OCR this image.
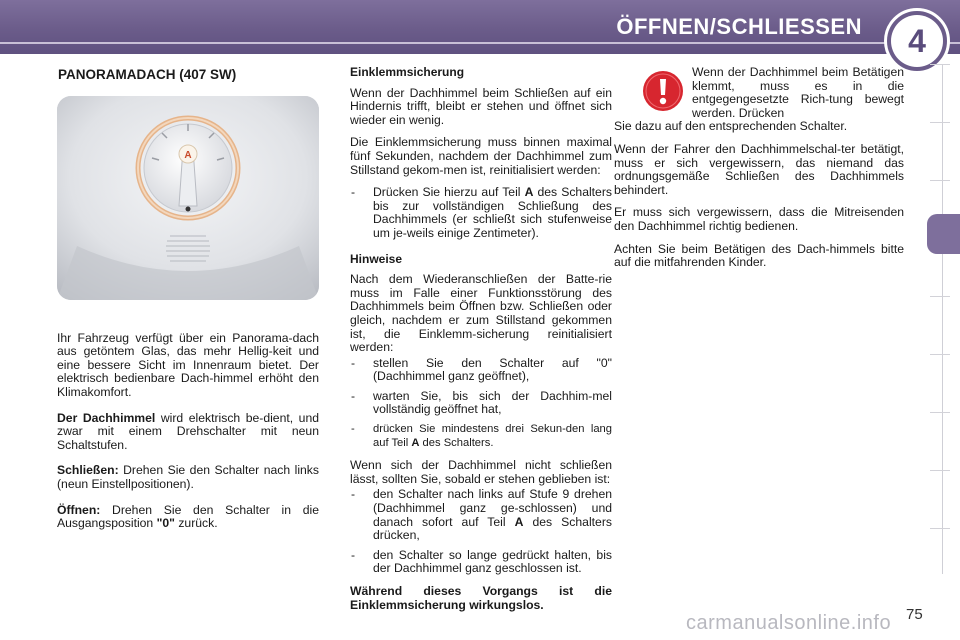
ÖFFNEN/SCHLIESSEN	4
PANORAMADACH (407 SW)
A

Ihr Fahrzeug verfügt über ein Panorama-dach aus getöntem Glas, das mehr Hellig-keit und eine bessere Sicht im Innenraum bietet. Der elektrisch bedienbare Dach-himmel erhöht den Klimakomfort.

Der Dachhimmel wird elektrisch be-dient, und zwar mit einem Drehschalter mit neun Schaltstufen.

Schließen: Drehen Sie den Schalter nach links (neun Einstellpositionen).

Öffnen: Drehen Sie den Schalter in die Ausgangsposition "0" zurück.

Einklemmsicherung

Wenn der Dachhimmel beim Schließen auf ein Hindernis trifft, bleibt er stehen und öffnet sich wieder ein wenig.

Die Einklemmsicherung muss binnen maximal fünf Sekunden, nachdem der Dachhimmel zum Stillstand gekom-men ist, reinitialisiert werden:

- Drücken Sie hierzu auf Teil A des Schalters bis zur vollständigen Schließung des Dachhimmels (er schließt sich stufenweise um je-weils einige Zentimeter).
Hinweise

Nach dem Wiederanschließen der Batte-rie muss im Falle einer Funktionsstörung des Dachhimmels beim Öffnen bzw. Schließen oder gleich, nachdem er zum Stillstand gekommen ist, die Einklemm-sicherung reinitialisiert werden:

- stellen Sie den Schalter auf "0" (Dachhimmel ganz geöffnet),
- warten Sie, bis sich der Dachhim-mel vollständig geöffnet hat,
- drücken Sie mindestens drei Sekun-den lang auf Teil A des Schalters.

Wenn sich der Dachhimmel nicht schließen lässt, sollten Sie, sobald er stehen geblieben ist:

- den Schalter nach links auf Stufe 9 drehen (Dachhimmel ganz ge-schlossen) und danach sofort auf Teil A des Schalters drücken,
- den Schalter so lange gedrückt halten, bis der Dachhimmel ganz geschlossen ist.

Während dieses Vorgangs ist die Einklemmsicherung wirkungslos.

Wenn der Dachhimmel beim Betätigen klemmt, muss es in die entgegengesetzte Rich-tung bewegt werden. Drücken

Sie dazu auf den entsprechenden Schalter.

Wenn der Fahrer den Dachhimmelschal-ter betätigt, muss er sich vergewissern, das niemand das ordnungsgemäße Schließen des Dachhimmels behindert.

Er muss sich vergewissern, dass die Mitreisenden den Dachhimmel richtig bedienen.

Achten Sie beim Betätigen des Dach-himmels bitte auf die mitfahrenden Kinder.

carmanualsonline.info 75
